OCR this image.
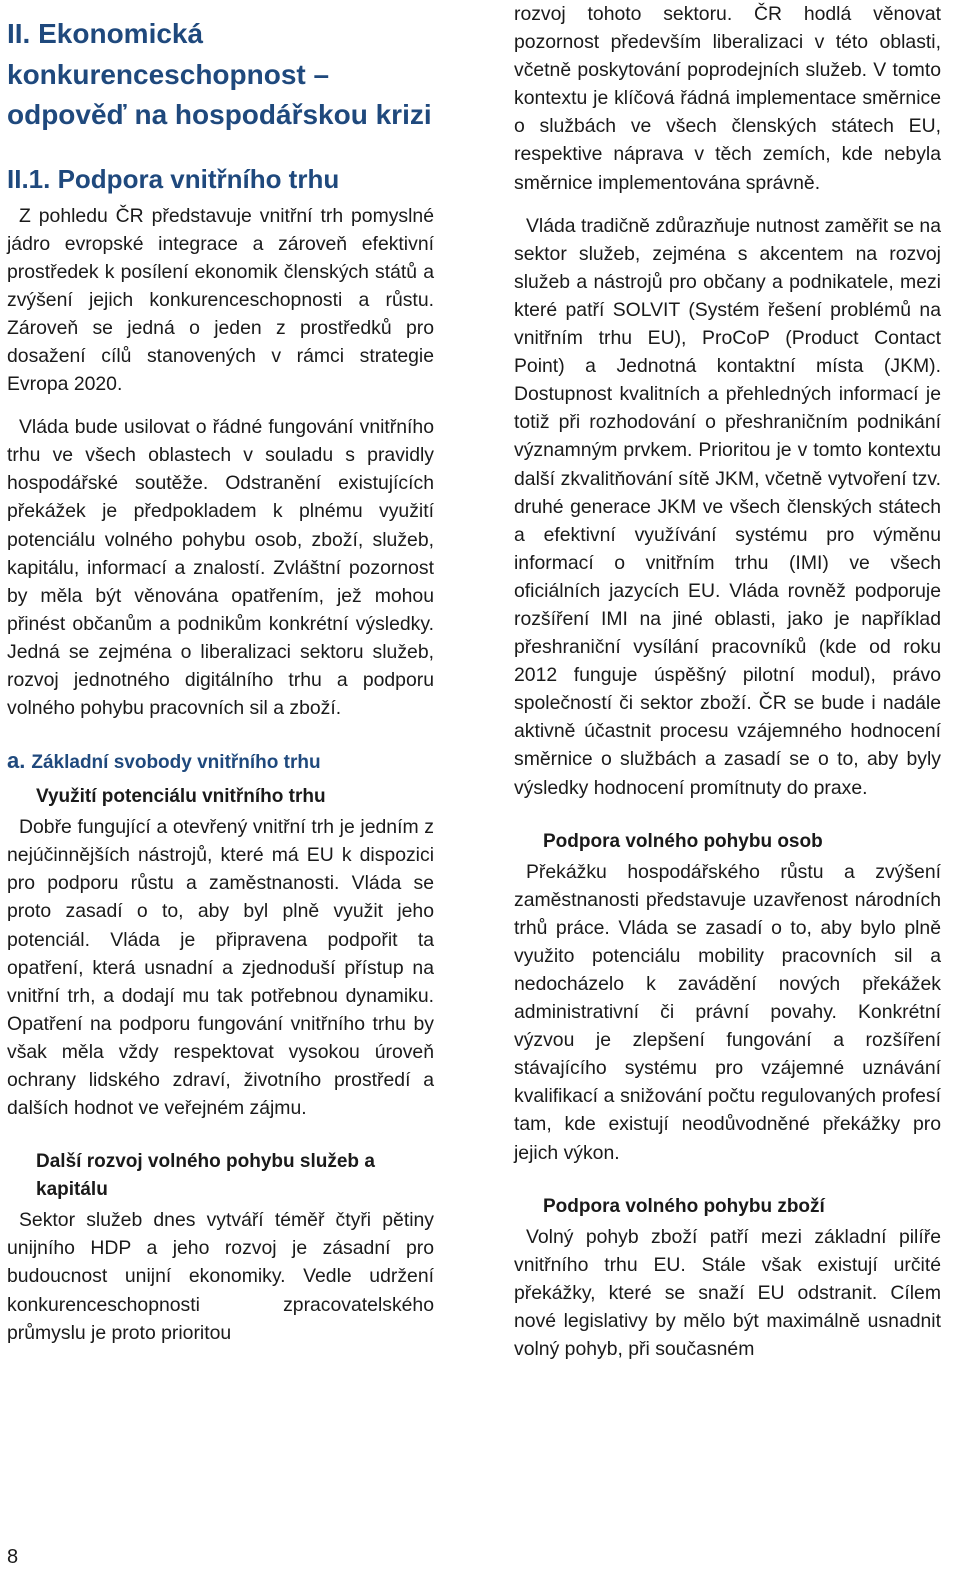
II. Ekonomická konkurenceschopnost – odpověď na hospodářskou krizi
II.1. Podpora vnitřního trhu

Z pohledu ČR představuje vnitřní trh pomyslné jádro evropské integrace a zároveň efektivní prostředek k posílení ekonomik členských států a zvýšení jejich konkurenceschopnosti a růstu. Zároveň se jedná o jeden z prostředků pro dosažení cílů stanovených v rámci strategie Evropa 2020.

Vláda bude usilovat o řádné fungování vnitřního trhu ve všech oblastech v souladu s pravidly hospodářské soutěže. Odstranění existujících překážek je předpokladem k plnému využití potenciálu volného pohybu osob, zboží, služeb, kapitálu, informací a znalostí. Zvláštní pozornost by měla být věnována opatřením, jež mohou přinést občanům a podnikům konkrétní výsledky. Jedná se zejména o liberalizaci sektoru služeb, rozvoj jednotného digitálního trhu a podporu volného pohybu pracovních sil a zboží.

a. Základní svobody vnitřního trhu
Využití potenciálu vnitřního trhu

Dobře fungující a otevřený vnitřní trh je jedním z nejúčinnějších nástrojů, které má EU k dispozici pro podporu růstu a zaměstnanosti. Vláda se proto zasadí o to, aby byl plně využit jeho potenciál. Vláda je připravena podpořit ta opatření, která usnadní a zjednoduší přístup na vnitřní trh, a dodají mu tak potřebnou dynamiku. Opatření na podporu fungování vnitřního trhu by však měla vždy respektovat vysokou úroveň ochrany lidského zdraví, životního prostředí a dalších hodnot ve veřejném zájmu.

Další rozvoj volného pohybu služeb a kapitálu

Sektor služeb dnes vytváří téměř čtyři pětiny unijního HDP a jeho rozvoj je zásadní pro budoucnost unijní ekonomiky. Vedle udržení konkurenceschopnosti zpracovatelského průmyslu je proto prioritou

rozvoj tohoto sektoru. ČR hodlá věnovat pozornost především liberalizaci v této oblasti, včetně poskytování poprodejních služeb. V tomto kontextu je klíčová řádná implementace směrnice o službách ve všech členských státech EU, respektive náprava v těch zemích, kde nebyla směrnice implementována správně.

Vláda tradičně zdůrazňuje nutnost zaměřit se na sektor služeb, zejména s akcentem na rozvoj služeb a nástrojů pro občany a podnikatele, mezi které patří SOLVIT (Systém řešení problémů na vnitřním trhu EU), ProCoP (Product Contact Point) a Jednotná kontaktní místa (JKM). Dostupnost kvalitních a přehledných informací je totiž při rozhodování o přeshraničním podnikání významným prvkem. Prioritou je v tomto kontextu další zkvalitňování sítě JKM, včetně vytvoření tzv. druhé generace JKM ve všech členských státech a efektivní využívání systému pro výměnu informací o vnitřním trhu (IMI) ve všech oficiálních jazycích EU. Vláda rovněž podporuje rozšíření IMI na jiné oblasti, jako je například přeshraniční vysílání pracovníků (kde od roku 2012 funguje úspěšný pilotní modul), právo společností či sektor zboží. ČR se bude i nadále aktivně účastnit procesu vzájemného hodnocení směrnice o službách a zasadí se o to, aby byly výsledky hodnocení promítnuty do praxe.

Podpora volného pohybu osob

Překážku hospodářského růstu a zvýšení zaměstnanosti představuje uzavřenost národních trhů práce. Vláda se zasadí o to, aby bylo plně využito potenciálu mobility pracovních sil a nedocházelo k zavádění nových překážek administrativní či právní povahy. Konkrétní výzvou je zlepšení fungování a rozšíření stávajícího systému pro vzájemné uznávání kvalifikací a snižování počtu regulovaných profesí tam, kde existují neodůvodněné překážky pro jejich výkon.

Podpora volného pohybu zboží

Volný pohyb zboží patří mezi základní pilíře vnitřního trhu EU. Stále však existují určité překážky, které se snaží EU odstranit. Cílem nové legislativy by mělo být maximálně usnadnit volný pohyb, při současném

8
